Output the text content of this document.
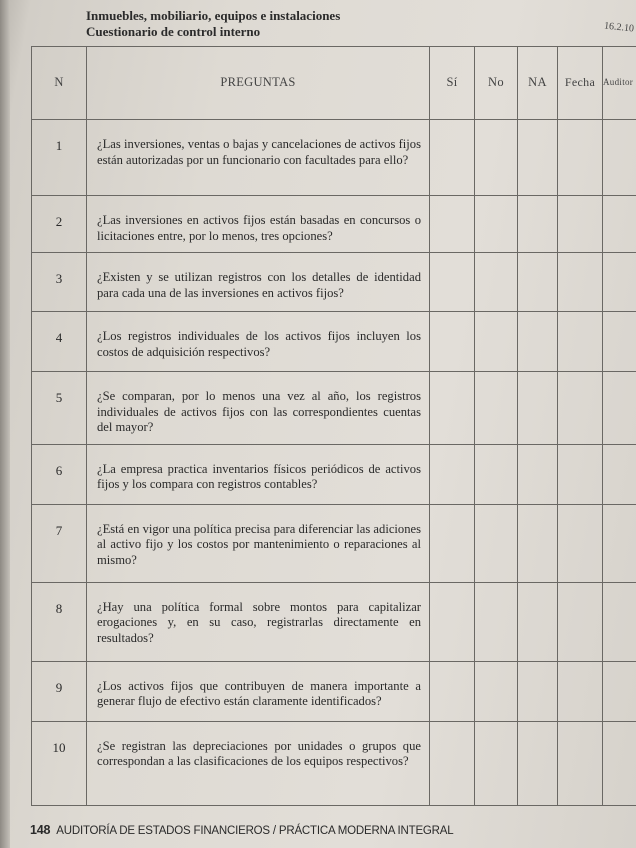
Inmuebles, mobiliario, equipos e instalaciones
Cuestionario de control interno	16.2.10
N	PREGUNTAS	Sí	No	NA	Fecha	Auditor
1	¿Las inversiones, ventas o bajas y cancelaciones de activos fijos están autorizadas por un funcionario con facultades para ello?					
2	¿Las inversiones en activos fijos están basadas en concursos o licitaciones entre, por lo menos, tres opciones?					
3	¿Existen y se utilizan registros con los detalles de identidad para cada una de las inversiones en activos fijos?					
4	¿Los registros individuales de los activos fijos incluyen los costos de adquisición respectivos?					
5	¿Se comparan, por lo menos una vez al año, los registros individuales de activos fijos con las correspondientes cuentas del mayor?					
6	¿La empresa practica inventarios físicos periódicos de activos fijos y los compara con registros contables?					
7	¿Está en vigor una política precisa para diferenciar las adiciones al activo fijo y los costos por mantenimiento o reparaciones al mismo?					
8	¿Hay una política formal sobre montos para capitalizar erogaciones y, en su caso, registrarlas directamente en resultados?					
9	¿Los activos fijos que contribuyen de manera importante a generar flujo de efectivo están claramente identificados?					
10	¿Se registran las depreciaciones por unidades o grupos que correspondan a las clasificaciones de los equipos respectivos?					
148 AUDITORÍA DE ESTADOS FINANCIEROS / PRÁCTICA MODERNA INTEGRAL
